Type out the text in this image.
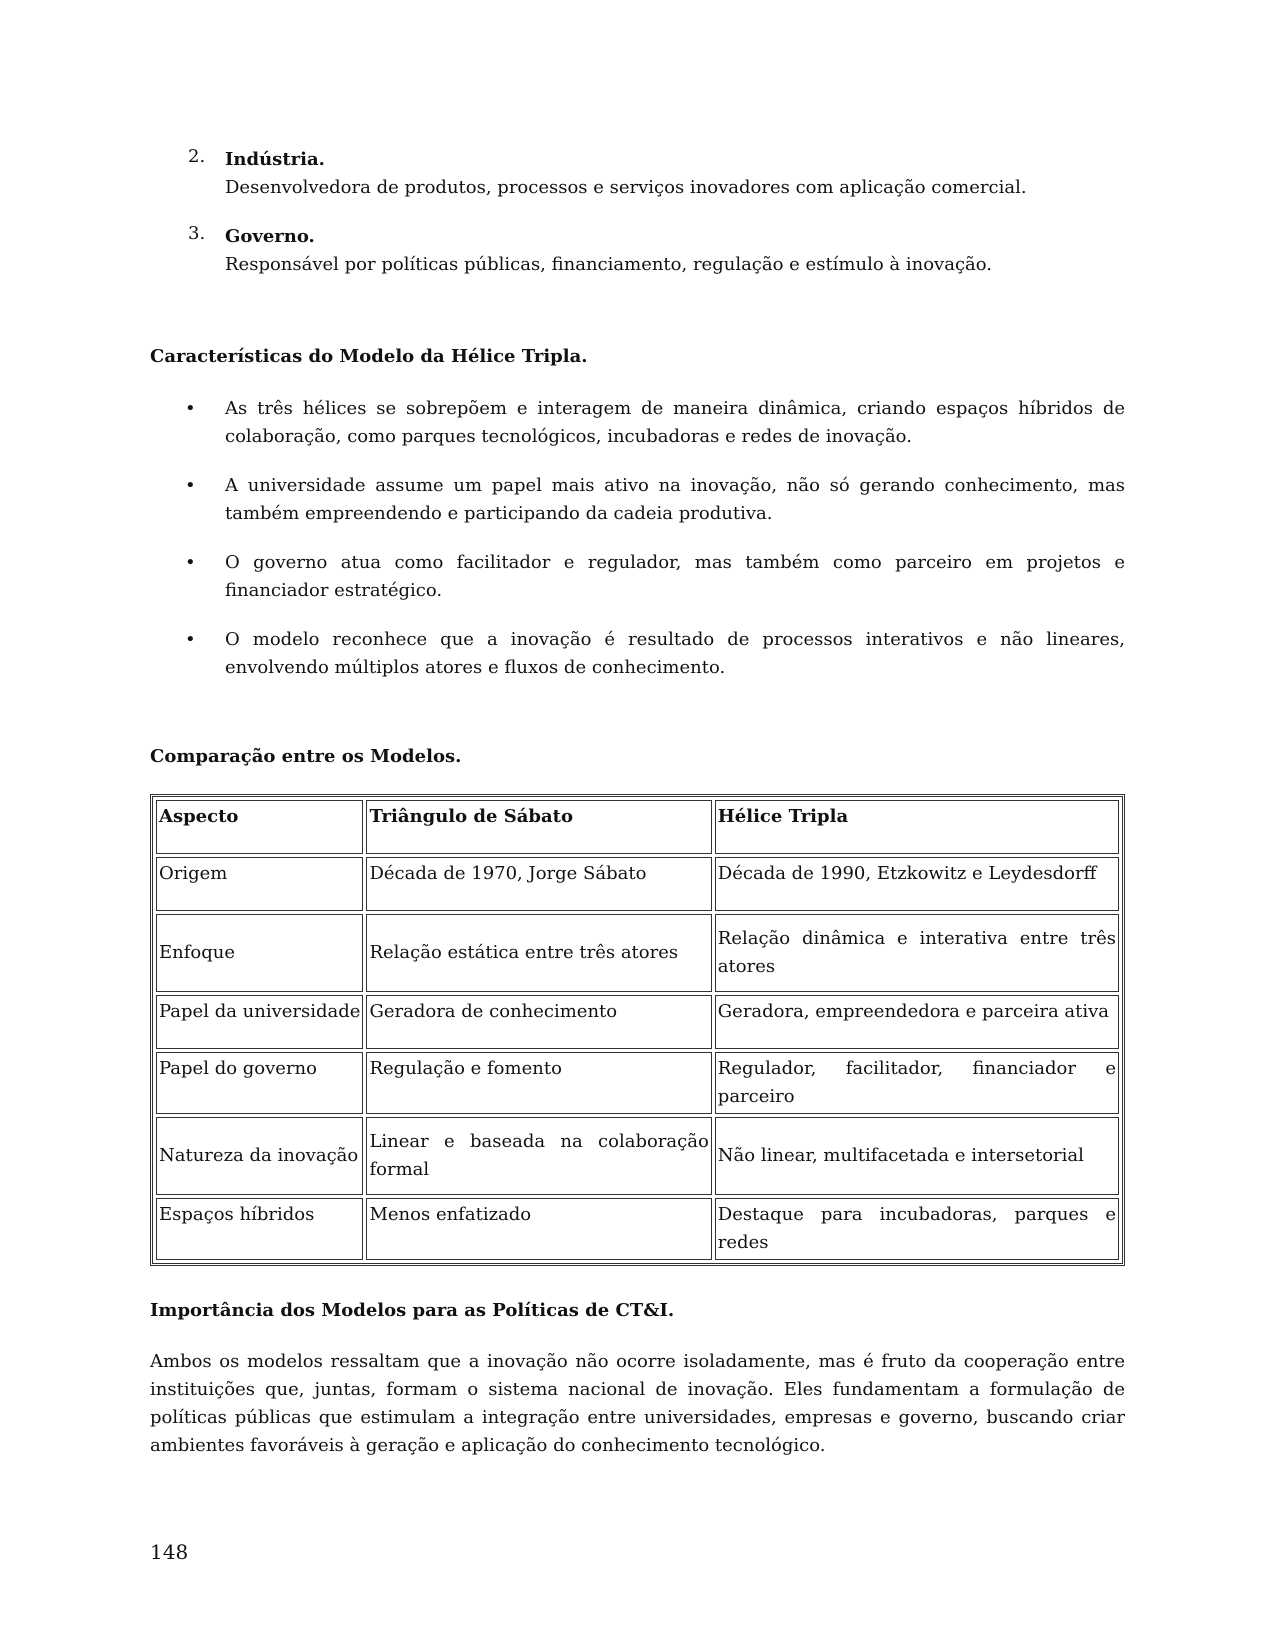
2.	Indústria.
Desenvolvedora de produtos, processos e serviços inovadores com aplicação comercial.
3.	Governo.
Responsável por políticas públicas, financiamento, regulação e estímulo à inovação.
Características do Modelo da Hélice Tripla.
• As três hélices se sobrepõem e interagem de maneira dinâmica, criando espaços híbridos de colaboração, como parques tecnológicos, incubadoras e redes de inovação.
• A universidade assume um papel mais ativo na inovação, não só gerando conhecimento, mas também empreendendo e participando da cadeia produtiva.
• O governo atua como facilitador e regulador, mas também como parceiro em projetos e financiador estratégico.
• O modelo reconhece que a inovação é resultado de processos interativos e não lineares, envolvendo múltiplos atores e fluxos de conhecimento.
Comparação entre os Modelos.
Aspecto	Triângulo de Sábato	Hélice Tripla
Origem	Década de 1970, Jorge Sábato	Década de 1990, Etzkowitz e Leydesdorff
Enfoque	Relação estática entre três atores	Relação dinâmica e interativa entre três atores
Papel da universidade	Geradora de conhecimento	Geradora, empreendedora e parceira ativa
Papel do governo	Regulação e fomento	Regulador, facilitador, financiador e parceiro
Natureza da inovação	Linear e baseada na colaboração formal	Não linear, multifacetada e intersetorial
Espaços híbridos	Menos enfatizado	Destaque para incubadoras, parques e redes
Importância dos Modelos para as Políticas de CT&I.
Ambos os modelos ressaltam que a inovação não ocorre isoladamente, mas é fruto da cooperação entre instituições que, juntas, formam o sistema nacional de inovação. Eles fundamentam a formulação de políticas públicas que estimulam a integração entre universidades, empresas e governo, buscando criar ambientes favoráveis à geração e aplicação do conhecimento tecnológico.
148
